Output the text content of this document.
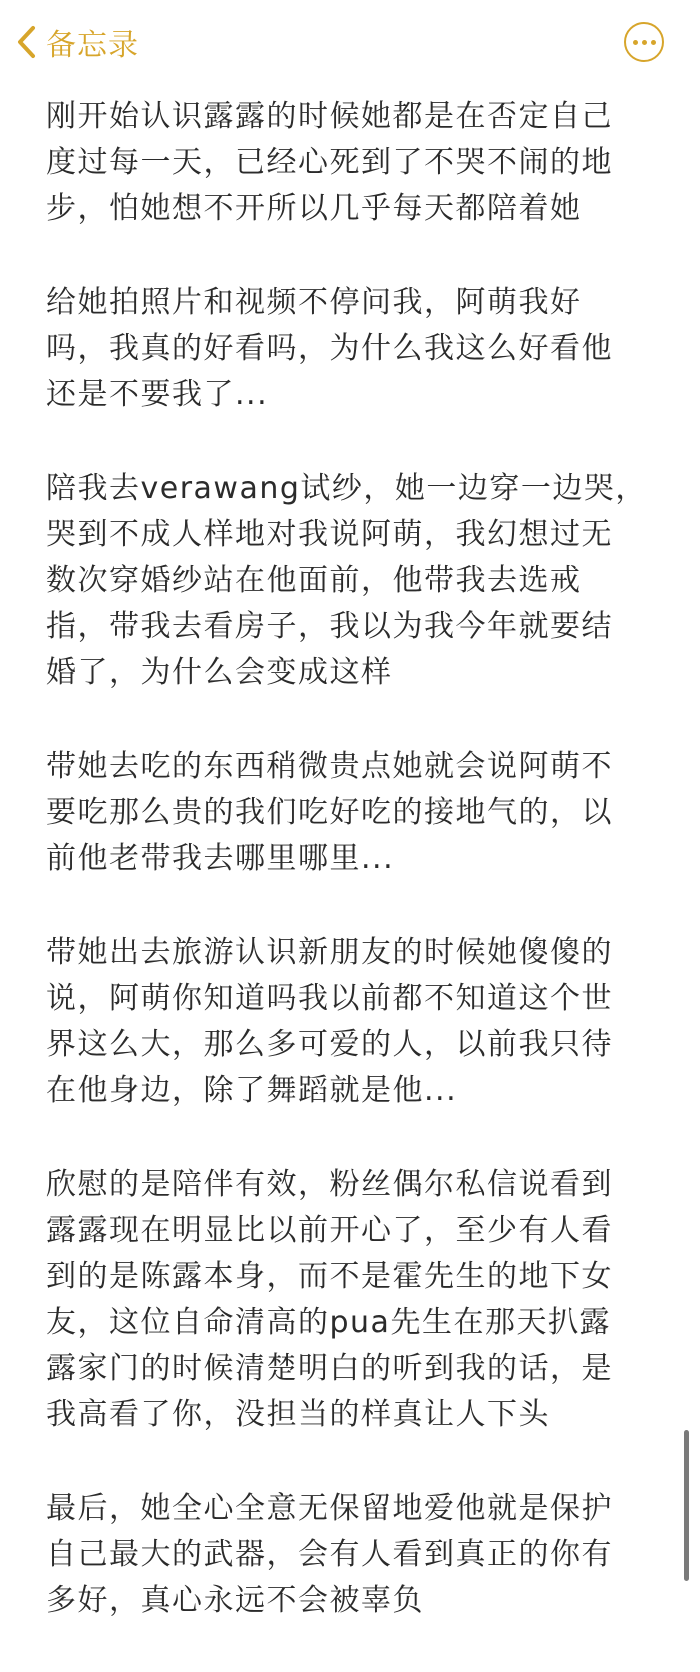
备忘录
刚开始认识露露的时候她都是在否定自己
度过每一天，已经心死到了不哭不闹的地
步，怕她想不开所以几乎每天都陪着她
给她拍照片和视频不停问我，阿萌我好
吗，我真的好看吗，为什么我这么好看他
还是不要我了...
陪我去verawang试纱，她一边穿一边哭，
哭到不成人样地对我说阿萌，我幻想过无
数次穿婚纱站在他面前，他带我去选戒
指，带我去看房子，我以为我今年就要结
婚了，为什么会变成这样
带她去吃的东西稍微贵点她就会说阿萌不
要吃那么贵的我们吃好吃的接地气的，以
前他老带我去哪里哪里...
带她出去旅游认识新朋友的时候她傻傻的
说，阿萌你知道吗我以前都不知道这个世
界这么大，那么多可爱的人，以前我只待
在他身边，除了舞蹈就是他...
欣慰的是陪伴有效，粉丝偶尔私信说看到
露露现在明显比以前开心了，至少有人看
到的是陈露本身，而不是霍先生的地下女
友，这位自命清高的pua先生在那天扒露
露家门的时候清楚明白的听到我的话，是
我高看了你，没担当的样真让人下头
最后，她全心全意无保留地爱他就是保护
自己最大的武器，会有人看到真正的你有
多好，真心永远不会被辜负
